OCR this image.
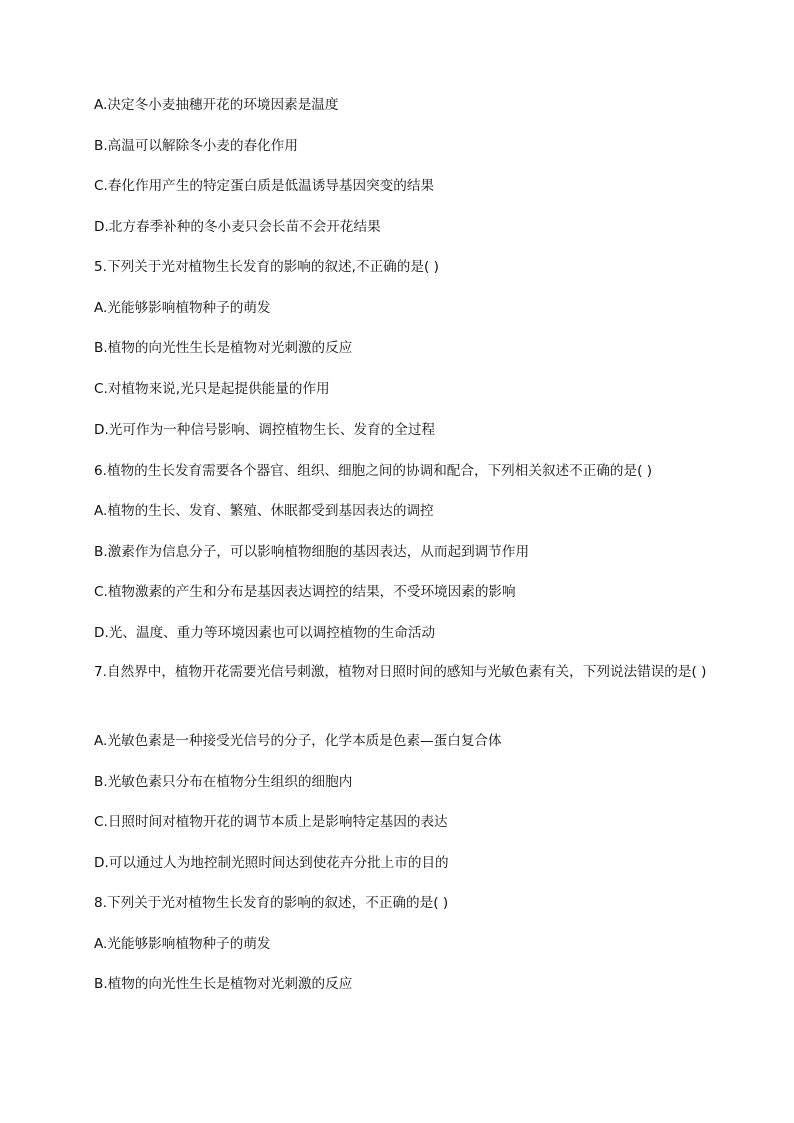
A.决定冬小麦抽穗开花的环境因素是温度
B.高温可以解除冬小麦的春化作用
C.春化作用产生的特定蛋白质是低温诱导基因突变的结果
D.北方春季补种的冬小麦只会长苗不会开花结果
5.下列关于光对植物生长发育的影响的叙述,不正确的是( )
A.光能够影响植物种子的萌发
B.植物的向光性生长是植物对光刺激的反应
C.对植物来说,光只是起提供能量的作用
D.光可作为一种信号影响、调控植物生长、发育的全过程
6.植物的生长发育需要各个器官、组织、细胞之间的协调和配合，下列相关叙述不正确的是( )
A.植物的生长、发育、繁殖、休眠都受到基因表达的调控
B.激素作为信息分子，可以影响植物细胞的基因表达，从而起到调节作用
C.植物激素的产生和分布是基因表达调控的结果，不受环境因素的影响
D.光、温度、重力等环境因素也可以调控植物的生命活动
7.自然界中，植物开花需要光信号刺激，植物对日照时间的感知与光敏色素有关，下列说法错误的是( )
A.光敏色素是一种接受光信号的分子，化学本质是色素—蛋白复合体
B.光敏色素只分布在植物分生组织的细胞内
C.日照时间对植物开花的调节本质上是影响特定基因的表达
D.可以通过人为地控制光照时间达到使花卉分批上市的目的
8.下列关于光对植物生长发育的影响的叙述，不正确的是( )
A.光能够影响植物种子的萌发
B.植物的向光性生长是植物对光刺激的反应
